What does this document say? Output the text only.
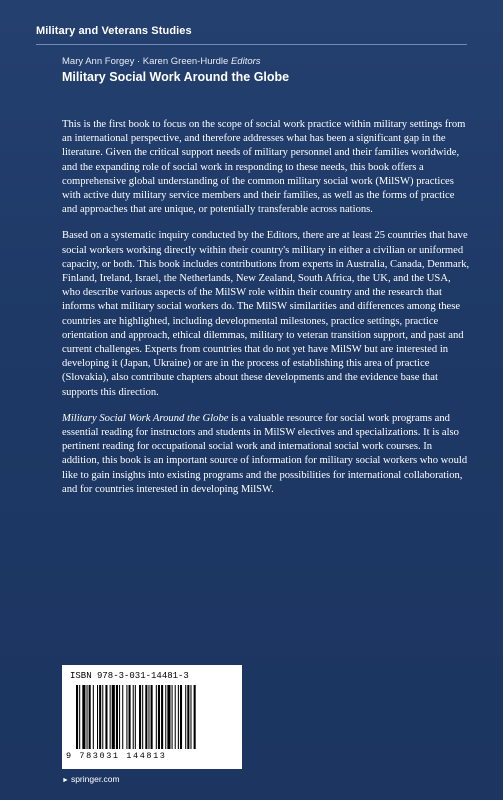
Military and Veterans Studies
Mary Ann Forgey · Karen Green-Hurdle Editors
Military Social Work Around the Globe

This is the first book to focus on the scope of social work practice within military settings from an international perspective, and therefore addresses what has been a significant gap in the literature. Given the critical support needs of military personnel and their families worldwide, and the expanding role of social work in responding to these needs, this book offers a comprehensive global understanding of the common military social work (MilSW) practices with active duty military service members and their families, as well as the forms of practice and approaches that are unique, or potentially transferable across nations.

Based on a systematic inquiry conducted by the Editors, there are at least 25 countries that have social workers working directly within their country's military in either a civilian or uniformed capacity, or both. This book includes contributions from experts in Australia, Canada, Denmark, Finland, Ireland, Israel, the Netherlands, New Zealand, South Africa, the UK, and the USA, who describe various aspects of the MilSW role within their country and the research that informs what military social workers do. The MilSW similarities and differences among these countries are highlighted, including developmental milestones, practice settings, practice orientation and approach, ethical dilemmas, military to veteran transition support, and past and current challenges. Experts from countries that do not yet have MilSW but are interested in developing it (Japan, Ukraine) or are in the process of establishing this area of practice (Slovakia), also contribute chapters about these developments and the evidence base that supports this direction.

Military Social Work Around the Globe is a valuable resource for social work programs and essential reading for instructors and students in MilSW electives and specializations. It is also pertinent reading for occupational social work and international social work courses. In addition, this book is an important source of information for military social workers who would like to gain insights into existing programs and the possibilities for international collaboration, and for countries interested in developing MilSW.

ISBN 978-3-031-14481-3
9 783031 144813
► springer.com
